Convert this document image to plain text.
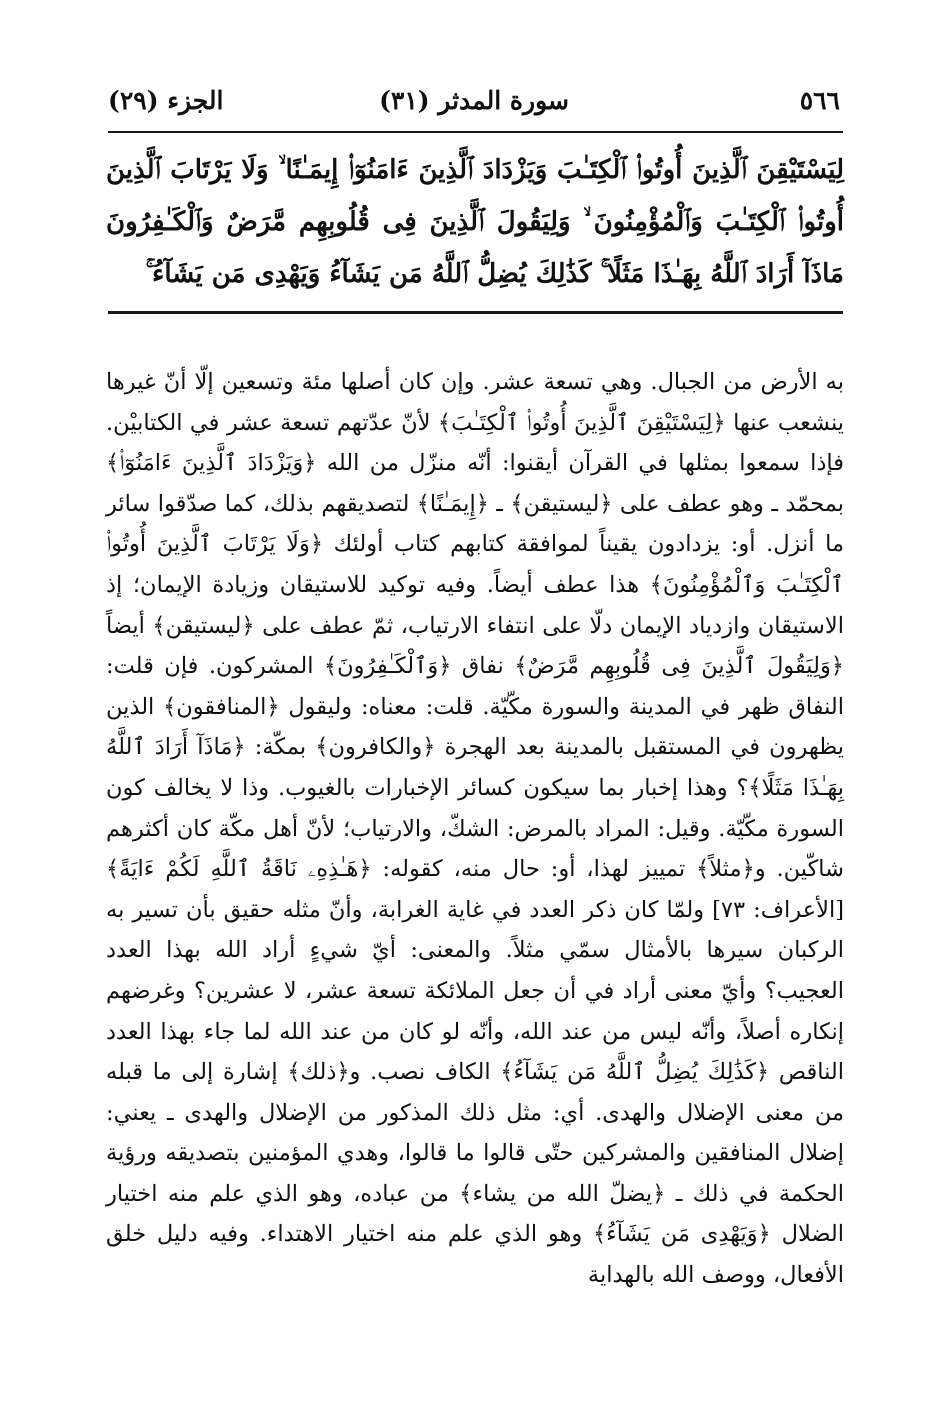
٥٦٦
سورة المدثر (٣١)
الجزء (٢٩)
لِيَسْتَيْقِنَ ٱلَّذِينَ أُوتُوا۟ ٱلْكِتَـٰبَ وَيَزْدَادَ ٱلَّذِينَ ءَامَنُوٓا۟ إِيمَـٰنًا ۙ وَلَا يَرْتَابَ ٱلَّذِينَ أُوتُوا۟ ٱلْكِتَـٰبَ وَٱلْمُؤْمِنُونَ ۙ وَلِيَقُولَ ٱلَّذِينَ فِى قُلُوبِهِم مَّرَضٌ وَٱلْكَـٰفِرُونَ مَاذَآ أَرَادَ ٱللَّهُ بِهَـٰذَا مَثَلًا ۚ كَذَٰلِكَ يُضِلُّ ٱللَّهُ مَن يَشَآءُ وَيَهْدِى مَن يَشَآءُ ۚ
به الأرض من الجبال. وهي تسعة عشر. وإن كان أصلها مئة وتسعين إلّا أنّ غيرها ينشعب عنها ﴿لِيَسْتَيْقِنَ ٱلَّذِينَ أُوتُوا۟ ٱلْكِتَـٰبَ﴾ لأنّ عدّتهم تسعة عشر في الكتابيْن. فإذا سمعوا بمثلها في القرآن أيقنوا: أنّه منزّل من الله ﴿وَيَزْدَادَ ٱلَّذِينَ ءَامَنُوٓا۟﴾ بمحمّد ـ وهو عطف على ﴿ليستيقن﴾ ـ ﴿إِيمَـٰنًا﴾ لتصديقهم بذلك، كما صدّقوا سائر ما أنزل. أو: يزدادون يقيناً لموافقة كتابهم كتاب أولئك ﴿وَلَا يَرْتَابَ ٱلَّذِينَ أُوتُوا۟ ٱلْكِتَـٰبَ وَٱلْمُؤْمِنُونَ﴾ هذا عطف أيضاً. وفيه توكيد للاستيقان وزيادة الإيمان؛ إذ الاستيقان وازدياد الإيمان دلّا على انتفاء الارتياب، ثمّ عطف على ﴿ليستيقن﴾ أيضاً ﴿وَلِيَقُولَ ٱلَّذِينَ فِى قُلُوبِهِم مَّرَضٌ﴾ نفاق ﴿وَٱلْكَـٰفِرُونَ﴾ المشركون. فإن قلت: النفاق ظهر في المدينة والسورة مكّيّة. قلت: معناه: وليقول ﴿المنافقون﴾ الذين يظهرون في المستقبل بالمدينة بعد الهجرة ﴿والكافرون﴾ بمكّة: ﴿مَاذَآ أَرَادَ ٱللَّهُ بِهَـٰذَا مَثَلًا﴾؟ وهذا إخبار بما سيكون كسائر الإخبارات بالغيوب. وذا لا يخالف كون السورة مكّيّة. وقيل: المراد بالمرض: الشكّ، والارتياب؛ لأنّ أهل مكّة كان أكثرهم شاكّين. و﴿مثلاً﴾ تمييز لهذا، أو: حال منه، كقوله: ﴿هَـٰذِهِۦ نَاقَةُ ٱللَّهِ لَكُمْ ءَايَةً﴾ [الأعراف: ٧٣] ولمّا كان ذكر العدد في غاية الغرابة، وأنّ مثله حقيق بأن تسير به الركبان سيرها بالأمثال سمّي مثلاً. والمعنى: أيّ شيءٍ أراد الله بهذا العدد العجيب؟ وأيّ معنى أراد في أن جعل الملائكة تسعة عشر، لا عشرين؟ وغرضهم إنكاره أصلاً، وأنّه ليس من عند الله، وأنّه لو كان من عند الله لما جاء بهذا العدد الناقص ﴿كَذَٰلِكَ يُضِلُّ ٱللَّهُ مَن يَشَآءُ﴾ الكاف نصب. و﴿ذلك﴾ إشارة إلى ما قبله من معنى الإضلال والهدى. أي: مثل ذلك المذكور من الإضلال والهدى ـ يعني: إضلال المنافقين والمشركين حتّى قالوا ما قالوا، وهدي المؤمنين بتصديقه ورؤية الحكمة في ذلك ـ ﴿يضلّ الله من يشاء﴾ من عباده، وهو الذي علم منه اختيار الضلال ﴿وَيَهْدِى مَن يَشَآءُ﴾ وهو الذي علم منه اختيار الاهتداء. وفيه دليل خلق الأفعال، ووصف الله بالهداية
